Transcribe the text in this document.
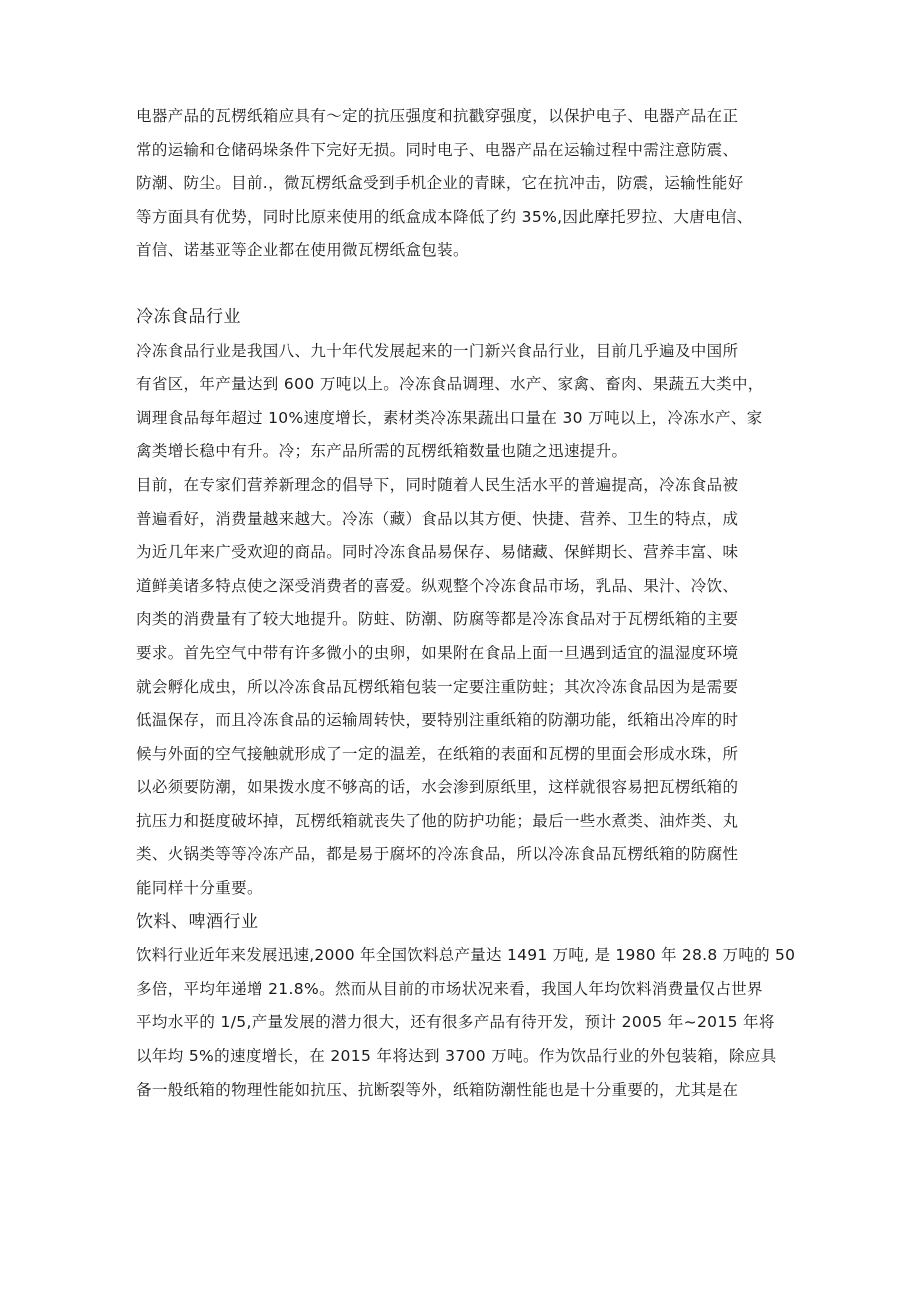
电器产品的瓦楞纸箱应具有～定的抗压强度和抗戳穿强度，以保护电子、电器产品在正
常的运输和仓储码垛条件下完好无损。同时电子、电器产品在运输过程中需注意防震、
防潮、防尘。目前.，微瓦楞纸盒受到手机企业的青睐，它在抗冲击，防震，运输性能好
等方面具有优势，同时比原来使用的纸盒成本降低了约 35%,因此摩托罗拉、大唐电信、
首信、诺基亚等企业都在使用微瓦楞纸盒包装。
冷冻食品行业
冷冻食品行业是我国八、九十年代发展起来的一门新兴食品行业，目前几乎遍及中国所
有省区，年产量达到 600 万吨以上。冷冻食品调理、水产、家禽、畜肉、果蔬五大类中，
调理食品每年超过 10%速度增长，素材类冷冻果蔬出口量在 30 万吨以上，冷冻水产、家
禽类增长稳中有升。冷；东产品所需的瓦楞纸箱数量也随之迅速提升。
目前，在专家们营养新理念的倡导下，同时随着人民生活水平的普遍提高，冷冻食品被
普遍看好，消费量越来越大。冷冻（藏）食品以其方便、快捷、营养、卫生的特点，成
为近几年来广受欢迎的商品。同时冷冻食品易保存、易储藏、保鲜期长、营养丰富、味
道鲜美诸多特点使之深受消费者的喜爱。纵观整个冷冻食品市场，乳品、果汁、冷饮、
肉类的消费量有了较大地提升。防蛀、防潮、防腐等都是冷冻食品对于瓦楞纸箱的主要
要求。首先空气中带有许多微小的虫卵，如果附在食品上面一旦遇到适宜的温湿度环境
就会孵化成虫，所以冷冻食品瓦楞纸箱包装一定要注重防蛀；其次冷冻食品因为是需要
低温保存，而且冷冻食品的运输周转快，要特别注重纸箱的防潮功能，纸箱出冷库的时
候与外面的空气接触就形成了一定的温差，在纸箱的表面和瓦楞的里面会形成水珠，所
以必须要防潮，如果拨水度不够高的话，水会渗到原纸里，这样就很容易把瓦楞纸箱的
抗压力和挺度破坏掉，瓦楞纸箱就丧失了他的防护功能；最后一些水煮类、油炸类、丸
类、火锅类等等冷冻产品，都是易于腐坏的冷冻食品，所以冷冻食品瓦楞纸箱的防腐性
能同样十分重要。
饮料、啤酒行业
饮料行业近年来发展迅速,2000 年全国饮料总产量达 1491 万吨, 是 1980 年 28.8 万吨的 50
多倍，平均年递增 21.8%。然而从目前的市场状况来看，我国人年均饮料消费量仅占世界
平均水平的 1/5,产量发展的潜力很大，还有很多产品有待开发，预计 2005 年~2015 年将
以年均 5%的速度增长，在 2015 年将达到 3700 万吨。作为饮品行业的外包装箱，除应具
备一般纸箱的物理性能如抗压、抗断裂等外，纸箱防潮性能也是十分重要的，尤其是在
